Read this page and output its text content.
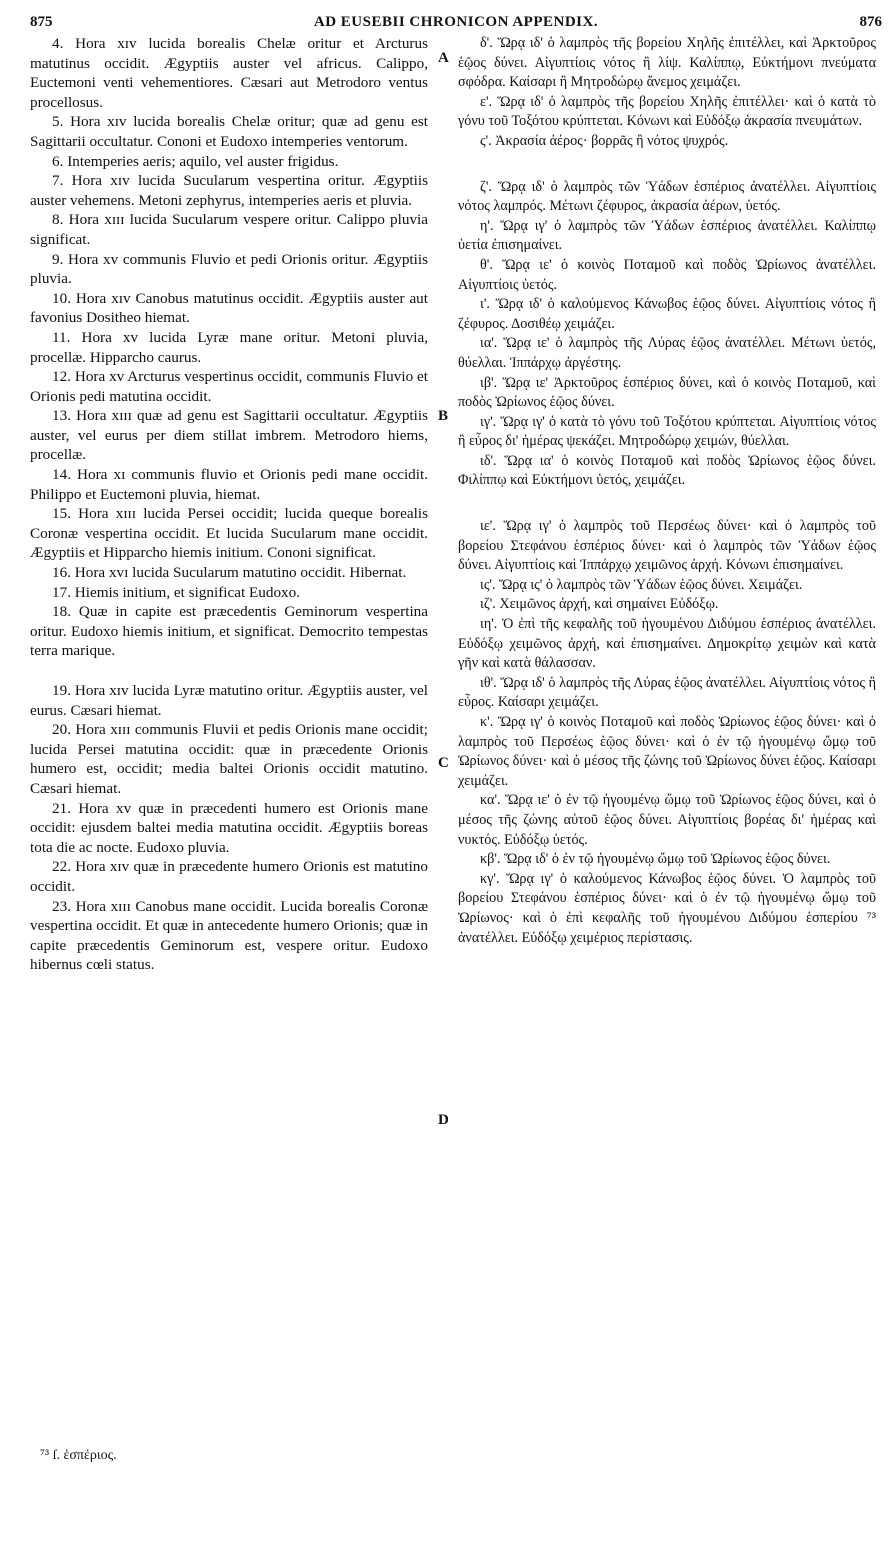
875	AD EUSEBII CHRONICON APPENDIX.	876

4. Hora xɪv lucida borealis Chelæ oritur et Arcturus matutinus occidit. Ægyptiis auster vel africus. Calippo, Euctemoni venti vehementiores. Cæsari aut Metrodoro ventus procellosus.

5. Hora xɪv lucida borealis Chelæ oritur; quæ ad genu est Sagittarii occultatur. Cononi et Eudoxo intemperies ventorum.

6. Intemperies aeris; aquilo, vel auster frigidus.

7. Hora xɪv lucida Sucularum vespertina oritur. Ægyptiis auster vehemens. Metoni zephyrus, intemperies aeris et pluvia.

8. Hora xɪɪɪ lucida Sucularum vespere oritur. Calippo pluvia significat.

9. Hora xv communis Fluvio et pedi Orionis oritur. Ægyptiis pluvia.

10. Hora xɪv Canobus matutinus occidit. Ægyptiis auster aut favonius Dositheo hiemat.

11. Hora xv lucida Lyræ mane oritur. Metoni pluvia, procellæ. Hipparcho caurus.

12. Hora xv Arcturus vespertinus occidit, communis Fluvio et Orionis pedi matutina occidit.

13. Hora xɪɪɪ quæ ad genu est Sagittarii occultatur. Ægyptiis auster, vel eurus per diem stillat imbrem. Metrodoro hiems, procellæ.

14. Hora xɪ communis fluvio et Orionis pedi mane occidit. Philippo et Euctemoni pluvia, hiemat.

15. Hora xɪɪɪ lucida Persei occidit; lucida queque borealis Coronæ vespertina occidit. Et lucida Sucularum mane occidit. Ægyptiis et Hipparcho hiemis initium. Cononi significat.

16. Hora xvɪ lucida Sucularum matutino occidit. Hibernat.

17. Hiemis initium, et significat Eudoxo.

18. Quæ in capite est præcedentis Geminorum vespertina oritur. Eudoxo hiemis initium, et significat. Democrito tempestas terra marique.

19. Hora xɪv lucida Lyræ matutino oritur. Ægyptiis auster, vel eurus. Cæsari hiemat.

20. Hora xɪɪɪ communis Fluvii et pedis Orionis mane occidit; lucida Persei matutina occidit: quæ in præcedente Orionis humero est, occidit; media baltei Orionis occidit matutino. Cæsari hiemat.

21. Hora xv quæ in præcedenti humero est Orionis mane occidit: ejusdem baltei media matutina occidit. Ægyptiis boreas tota die ac nocte. Eudoxo pluvia.

22. Hora xɪv quæ in præcedente humero Orionis est matutino occidit.

23. Hora xɪɪɪ Canobus mane occidit. Lucida borealis Coronæ vespertina occidit. Et quæ in antecedente humero Orionis; quæ in capite præcedentis Geminorum est, vespere oritur. Eudoxo hibernus cœli status.

δ'. Ὥρᾳ ιδ' ὁ λαμπρὸς τῆς βορείου Χηλῆς ἐπιτέλλει, καὶ Ἀρκτοῦρος ἑῷος δύνει. Αἰγυπτίοις νότος ἢ λίψ. Καλίππῳ, Εὐκτήμονι πνεύματα σφόδρα. Καίσαρι ἢ Μητροδώρῳ ἄνεμος χειμάζει.

ε'. Ὥρᾳ ιδ' ὁ λαμπρὸς τῆς βορείου Χηλῆς ἐπιτέλλει· καὶ ὁ κατὰ τὸ γόνυ τοῦ Τοξότου κρύπτεται. Κόνωνι καὶ Εὐδόξῳ ἀκρασία πνευμάτων.

ς'. Ἀκρασία ἀέρος· βορρᾶς ἢ νότος ψυχρός.

ζ'. Ὥρᾳ ιδ' ὁ λαμπρὸς τῶν Ὑάδων ἑσπέριος ἀνατέλλει. Αἰγυπτίοις νότος λαμπρός. Μέτωνι ζέφυρος, ἀκρασία ἀέρων, ὑετός.

η'. Ὥρᾳ ιγ' ὁ λαμπρὸς τῶν Ὑάδων ἑσπέριος ἀνατέλλει. Καλίππῳ ὑετία ἐπισημαίνει.

θ'. Ὥρᾳ ιε' ὁ κοινὸς Ποταμοῦ καὶ ποδὸς Ὠρίωνος ἀνατέλλει. Αἰγυπτίοις ὑετός.

ι'. Ὥρᾳ ιδ' ὁ καλούμενος Κάνωβος ἑῷος δύνει. Αἰγυπτίοις νότος ἢ ζέφυρος. Δοσιθέῳ χειμάζει.

ια'. Ὥρᾳ ιε' ὁ λαμπρὸς τῆς Λύρας ἑῷος ἀνατέλλει. Μέτωνι ὑετός, θύελλαι. Ἱππάρχῳ ἀργέστης.

ιβ'. Ὥρᾳ ιε' Ἀρκτοῦρος ἑσπέριος δύνει, καὶ ὁ κοινὸς Ποταμοῦ, καὶ ποδὸς Ὠρίωνος ἑῷος δύνει.

ιγ'. Ὥρᾳ ιγ' ὁ κατὰ τὸ γόνυ τοῦ Τοξότου κρύπτεται. Αἰγυπτίοις νότος ἢ εὖρος δι' ἡμέρας ψεκάζει. Μητροδώρῳ χειμών, θύελλαι.

ιδ'. Ὥρᾳ ια' ὁ κοινὸς Ποταμοῦ καὶ ποδὸς Ὠρίωνος ἑῷος δύνει. Φιλίππῳ καὶ Εὐκτήμονι ὑετός, χειμάζει.

ιε'. Ὥρᾳ ιγ' ὁ λαμπρὸς τοῦ Περσέως δύνει· καὶ ὁ λαμπρὸς τοῦ βορείου Στεφάνου ἑσπέριος δύνει· καὶ ὁ λαμπρὸς τῶν Ὑάδων ἑῷος δύνει. Αἰγυπτίοις καὶ Ἱππάρχῳ χειμῶνος ἀρχή. Κόνωνι ἐπισημαίνει.

ις'. Ὥρᾳ ις' ὁ λαμπρὸς τῶν Ὑάδων ἑῷος δύνει. Χειμάζει.

ιζ'. Χειμῶνος ἀρχή, καὶ σημαίνει Εὐδόξῳ.

ιη'. Ὁ ἐπὶ τῆς κεφαλῆς τοῦ ἡγουμένου Διδύμου ἑσπέριος ἀνατέλλει. Εὐδόξῳ χειμῶνος ἀρχή, καὶ ἐπισημαίνει. Δημοκρίτῳ χειμὼν καὶ κατὰ γῆν καὶ κατὰ θάλασσαν.

ιθ'. Ὥρᾳ ιδ' ὁ λαμπρὸς τῆς Λύρας ἑῷος ἀνατέλλει. Αἰγυπτίοις νότος ἢ εὖρος. Καίσαρι χειμάζει.

κ'. Ὥρᾳ ιγ' ὁ κοινὸς Ποταμοῦ καὶ ποδὸς Ὠρίωνος ἑῷος δύνει· καὶ ὁ λαμπρὸς τοῦ Περσέως ἑῷος δύνει· καὶ ὁ ἐν τῷ ἡγουμένῳ ὤμῳ τοῦ Ὠρίωνος δύνει· καὶ ὁ μέσος τῆς ζώνης τοῦ Ὠρίωνος δύνει ἑῷος. Καίσαρι χειμάζει.

κα'. Ὥρᾳ ιε' ὁ ἐν τῷ ἡγουμένῳ ὤμῳ τοῦ Ὠρίωνος ἑῷος δύνει, καὶ ὁ μέσος τῆς ζώνης αὐτοῦ ἑῷος δύνει. Αἰγυπτίοις βορέας δι' ἡμέρας καὶ νυκτός. Εὐδόξῳ ὑετός.

κβ'. Ὥρᾳ ιδ' ὁ ἐν τῷ ἡγουμένῳ ὤμῳ τοῦ Ὠρίωνος ἑῷος δύνει.

κγ'. Ὥρᾳ ιγ' ὁ καλούμενος Κάνωβος ἑῷος δύνει. Ὁ λαμπρὸς τοῦ βορείου Στεφάνου ἑσπέριος δύνει· καὶ ὁ ἐν τῷ ἡγουμένῳ ὤμῳ τοῦ Ὠρίωνος· καὶ ὁ ἐπὶ κεφαλῆς τοῦ ἡγουμένου Διδύμου ἑσπερίου ⁷³ ἀνατέλλει. Εὐδόξῳ χειμέριος περίστασις.

A
B
C
D
⁷³ ſ. ἑσπέριος.
